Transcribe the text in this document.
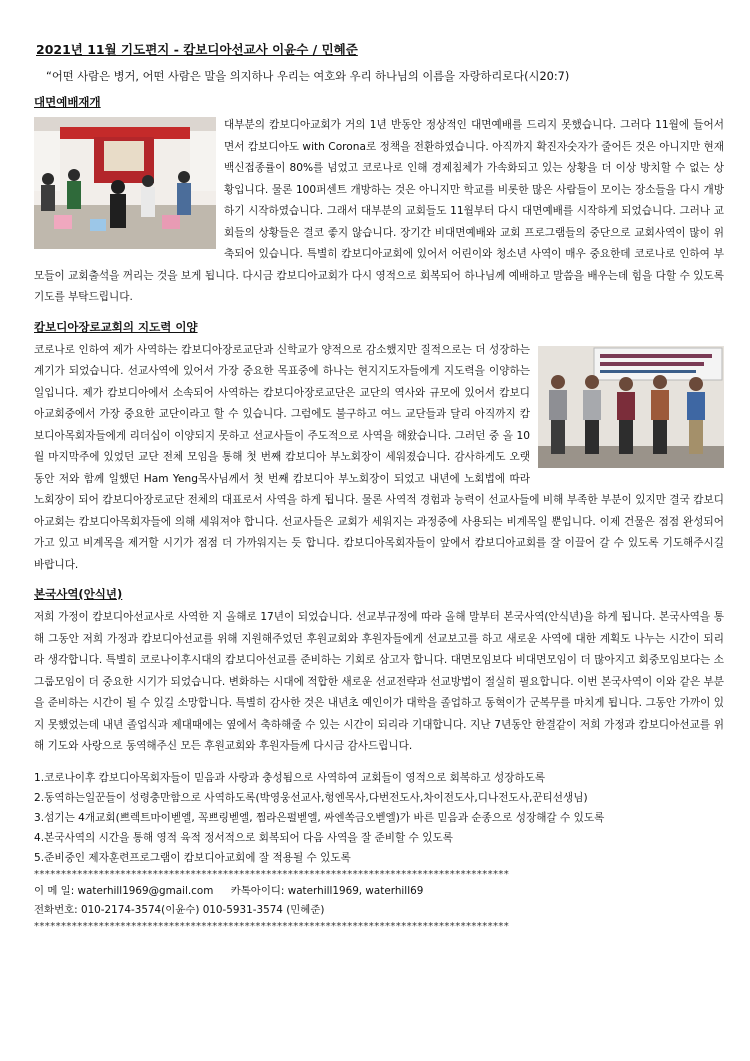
2021년 11월 기도편지 - 캄보디아선교사 이윤수 / 민혜준
“어떤 사람은 병거, 어떤 사람은 말을 의지하나 우리는 여호와 우리 하나님의 이름을 자랑하리로다(시20:7)
대면예배재개

대부분의 캄보디아교회가 거의 1년 반동안 정상적인 대면예배를 드리지 못했습니다. 그러다 11월에 들어서면서 캄보디아도 with Corona로 정책을 전환하였습니다. 아직까지 확진자숫자가 줄어든 것은 아니지만 현재 백신접종률이 80%를 넘었고 코로나로 인해 경제침체가 가속화되고 있는 상황을 더 이상 방치할 수 없는 상황입니다. 물론 100퍼센트 개방하는 것은 아니지만 학교를 비롯한 많은 사람들이 모이는 장소들을 다시 개방하기 시작하였습니다. 그래서 대부분의 교회들도 11월부터 다시 대면예배를 시작하게 되었습니다. 그러나 교회들의 상황들은 결코 좋지 않습니다. 장기간 비대면예배와 교회 프로그램들의 중단으로 교회사역이 많이 위축되어 있습니다. 특별히 캄보디아교회에 있어서 어린이와 청소년 사역이 매우 중요한데 코로나로 인하여 부모들이 교회출석을 꺼리는 것을 보게 됩니다. 다시금 캄보디아교회가 다시 영적으로 회복되어 하나님께 예배하고 말씀을 배우는데 힘을 다할 수 있도록 기도를 부탁드립니다.

캄보디아장로교회의 지도력 이양

코로나로 인하여 제가 사역하는 캄보디아장로교단과 신학교가 양적으로 감소했지만 질적으로는 더 성장하는 계기가 되었습니다. 선교사역에 있어서 가장 중요한 목표중에 하나는 현지지도자들에게 지도력을 이양하는 일입니다. 제가 캄보디아에서 소속되어 사역하는 캄보디아장로교단은 교단의 역사와 규모에 있어서 캄보디아교회중에서 가장 중요한 교단이라고 할 수 있습니다. 그럼에도 불구하고 여느 교단들과 달리 아직까지 캄보디아목회자들에게 리더십이 이양되지 못하고 선교사들이 주도적으로 사역을 해왔습니다. 그러던 중 올 10월 마지막주에 있었던 교단 전체 모임을 통해 첫 번째 캄보디아 부노회장이 세워졌습니다. 감사하게도 오랫동안 저와 함께 일했던 Ham Yeng목사님께서 첫 번째 캄보디아 부노회장이 되었고 내년에 노회법에 따라 노회장이 되어 캄보디아장로교단 전체의 대표로서 사역을 하게 됩니다. 물론 사역적 경험과 능력이 선교사들에 비해 부족한 부분이 있지만 결국 캄보디아교회는 캄보디아목회자들에 의해 세워져야 합니다. 선교사들은 교회가 세워지는 과정중에 사용되는 비계목일 뿐입니다. 이제 건물은 점점 완성되어 가고 있고 비계목을 제거할 시기가 점점 더 가까워지는 듯 합니다. 캄보디아목회자들이 앞에서 캄보디아교회를 잘 이끌어 갈 수 있도록 기도해주시길 바랍니다.

본국사역(안식년)

저희 가정이 캄보디아선교사로 사역한 지 올해로 17년이 되었습니다. 선교부규정에 따라 올해 말부터 본국사역(안식년)을 하게 됩니다. 본국사역을 통해 그동안 저희 가정과 캄보디아선교를 위해 지원해주었던 후원교회와 후원자들에게 선교보고를 하고 새로운 사역에 대한 계획도 나누는 시간이 되리라 생각합니다. 특별히 코로나이후시대의 캄보디아선교를 준비하는 기회로 삼고자 합니다. 대면모임보다 비대면모임이 더 많아지고 회중모임보다는 소그룹모임이 더 중요한 시기가 되었습니다. 변화하는 시대에 적합한 새로운 선교전략과 선교방법이 절실히 필요합니다. 이번 본국사역이 이와 같은 부분을 준비하는 시간이 될 수 있길 소망합니다. 특별히 감사한 것은 내년초 예인이가 대학을 졸업하고 동혁이가 군복무를 마치게 됩니다. 그동안 가까이 있지 못했었는데 내년 졸업식과 제대때에는 옆에서 축하해줄 수 있는 시간이 되리라 기대합니다. 지난 7년동안 한결같이 저희 가정과 캄보디아선교를 위해 기도와 사랑으로 동역해주신 모든 후원교회와 후원자들께 다시금 감사드립니다.

1.코로나이후 캄보디아목회자들이 믿음과 사랑과 충성됨으로 사역하여 교회들이 영적으로 회복하고 성장하도록
2.동역하는일꾼들이 성령충만함으로 사역하도록(박영웅선교사,헝엔목사,다번전도사,차이전도사,디나전도사,꾼티선생님)
3.섬기는 4개교회(쁘렉트마이벧엘, 꼭쁘링벧엘, 쩜라은펄벧엘, 싸엔쏙금오벧엘)가 바른 믿음과 순종으로 성장해갈 수 있도록
4.본국사역의 시간을 통해 영적 육적 정서적으로 회복되어 다음 사역을 잘 준비할 수 있도록
5.준비중인 제자훈련프로그램이 캄보디아교회에 잘 적용될 수 있도록
****************************************************************************************
이 메 일: waterhill1969@gmail.com 카톡아이디: waterhill1969, waterhill69
전화번호: 010-2174-3574(이윤수) 010-5931-3574 (민혜준)
****************************************************************************************
